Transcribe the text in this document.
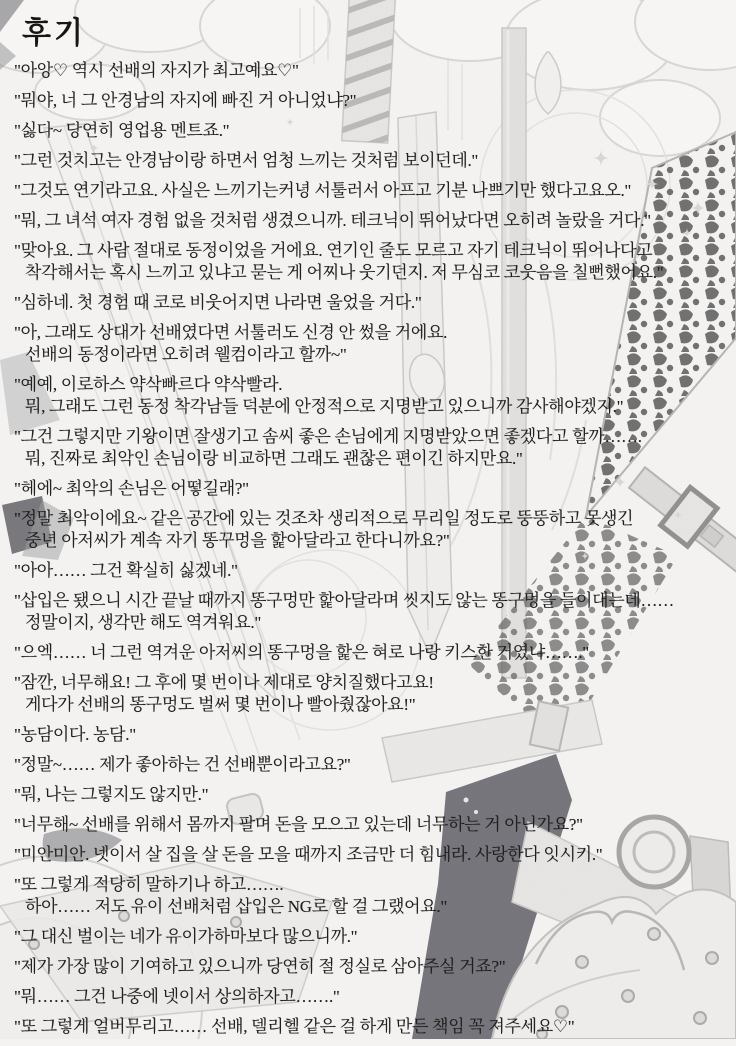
후기
"아앙♡ 역시 선배의 자지가 최고예요♡"
"뭐야, 너 그 안경남의 자지에 빠진 거 아니었냐?"
"싫다~ 당연히 영업용 멘트죠."
"그런 것치고는 안경남이랑 하면서 엄청 느끼는 것처럼 보이던데."
"그것도 연기라고요. 사실은 느끼기는커녕 서툴러서 아프고 기분 나쁘기만 했다고요오."
"뭐, 그 녀석 여자 경험 없을 것처럼 생겼으니까. 테크닉이 뛰어났다면 오히려 놀랐을 거다."
"맞아요. 그 사람 절대로 동정이었을 거에요. 연기인 줄도 모르고 자기 테크닉이 뛰어나다고
착각해서는 혹시 느끼고 있냐고 묻는 게 어찌나 웃기던지. 저 무심코 코웃음을 칠뻔했어요."
"심하네. 첫 경험 때 코로 비웃어지면 나라면 울었을 거다."
"아, 그래도 상대가 선배였다면 서툴러도 신경 안 썼을 거에요.
선배의 동정이라면 오히려 웰컴이라고 할까~"
"예예, 이로하스 약삭빠르다 약삭빨라.
뭐, 그래도 그런 동정 착각남들 덕분에 안정적으로 지명받고 있으니까 감사해야겠지."
"그건 그렇지만 기왕이면 잘생기고 솜씨 좋은 손님에게 지명받았으면 좋겠다고 할까…….
뭐, 진짜로 최악인 손님이랑 비교하면 그래도 괜찮은 편이긴 하지만요."
"헤에~ 최악의 손님은 어떻길래?"
"정말 최악이에요~ 같은 공간에 있는 것조차 생리적으로 무리일 정도로 뚱뚱하고 못생긴
중년 아저씨가 계속 자기 똥꾸멍을 핥아달라고 한다니까요?"
"아아…… 그건 확실히 싫겠네."
"삽입은 됐으니 시간 끝날 때까지 똥구멍만 핥아달라며 씻지도 않는 똥구멍을 들이대는데……
정말이지, 생각만 해도 역겨워요."
"으엑…… 너 그런 역겨운 아저씨의 똥구멍을 핥은 혀로 나랑 키스한 거였냐……."
"잠깐, 너무해요! 그 후에 몇 번이나 제대로 양치질했다고요!
게다가 선배의 똥구멍도 벌써 몇 번이나 빨아줬잖아요!"
"농담이다. 농담."
"정말~…… 제가 좋아하는 건 선배뿐이라고요?"
"뭐, 나는 그렇지도 않지만."
"너무해~ 선배를 위해서 몸까지 팔며 돈을 모으고 있는데 너무하는 거 아닌가요?"
"미안미안. 넷이서 살 집을 살 돈을 모을 때까지 조금만 더 힘내라. 사랑한다 잇시키."
"또 그렇게 적당히 말하기나 하고…….
하아…… 저도 유이 선배처럼 삽입은 NG로 할 걸 그랬어요."
"그 대신 벌이는 네가 유이가하마보다 많으니까."
"제가 가장 많이 기여하고 있으니까 당연히 절 정실로 삼아주실 거죠?"
"뭐…… 그건 나중에 넷이서 상의하자고……."
"또 그렇게 얼버무리고…… 선배, 델리헬 같은 걸 하게 만든 책임 꼭 져주세요♡"
